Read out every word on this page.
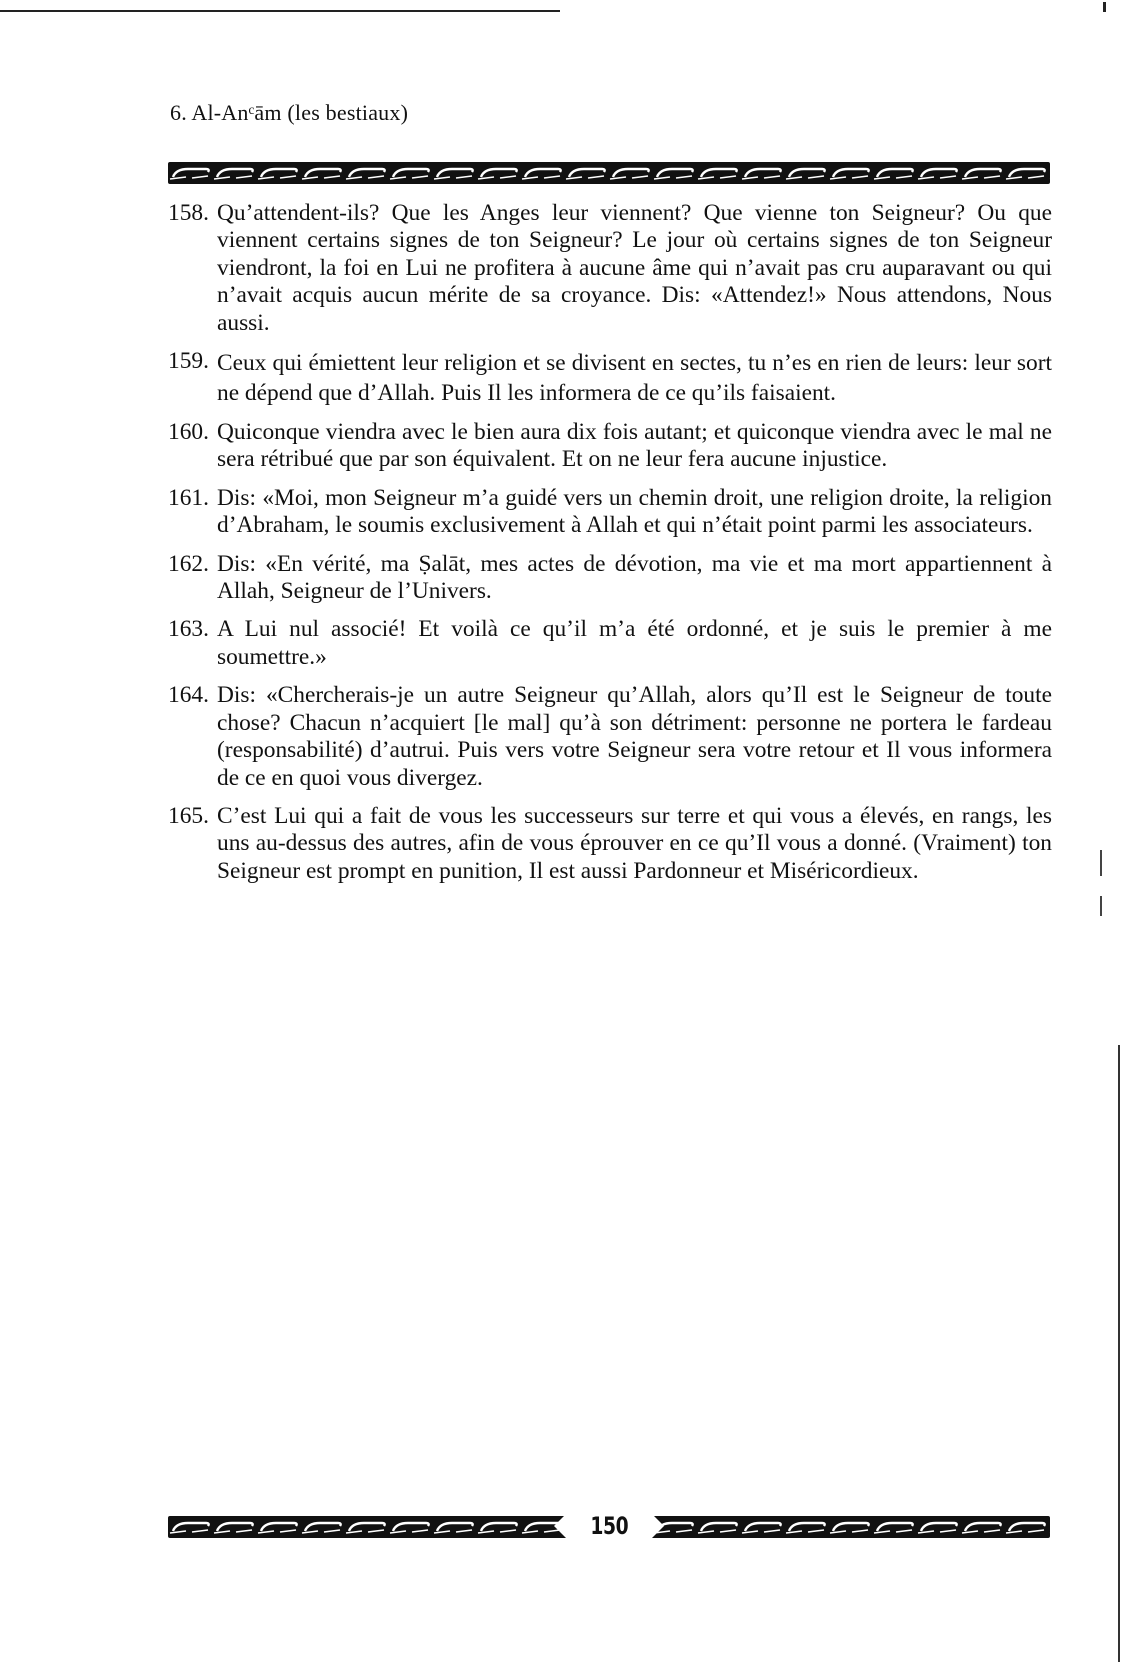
6. Al-Anᶜām (les bestiaux)
158. Qu’attendent-ils? Que les Anges leur viennent? Que vienne ton Seigneur? Ou que viennent certains signes de ton Seigneur? Le jour où certains signes de ton Seigneur viendront, la foi en Lui ne profitera à aucune âme qui n’avait pas cru auparavant ou qui n’avait acquis aucun mérite de sa croyance. Dis: «Attendez!» Nous attendons, Nous aussi.
159. Ceux qui émiettent leur religion et se divisent en sectes, tu n’es en rien de leurs: leur sort ne dépend que d’Allah. Puis Il les informera de ce qu’ils faisaient.
160. Quiconque viendra avec le bien aura dix fois autant; et quiconque viendra avec le mal ne sera rétribué que par son équivalent. Et on ne leur fera aucune injustice.
161. Dis: «Moi, mon Seigneur m’a guidé vers un chemin droit, une religion droite, la religion d’Abraham, le soumis exclusivement à Allah et qui n’était point parmi les associateurs.
162. Dis: «En vérité, ma Ṣalāt, mes actes de dévotion, ma vie et ma mort appartiennent à Allah, Seigneur de l’Univers.
163. A Lui nul associé! Et voilà ce qu’il m’a été ordonné, et je suis le premier à me soumettre.»
164. Dis: «Chercherais-je un autre Seigneur qu’Allah, alors qu’Il est le Seigneur de toute chose? Chacun n’acquiert [le mal] qu’à son détriment: personne ne portera le fardeau (responsabilité) d’autrui. Puis vers votre Seigneur sera votre retour et Il vous informera de ce en quoi vous divergez.
165. C’est Lui qui a fait de vous les successeurs sur terre et qui vous a élevés, en rangs, les uns au-dessus des autres, afin de vous éprouver en ce qu’Il vous a donné. (Vraiment) ton Seigneur est prompt en punition, Il est aussi Pardonneur et Miséricordieux.
150
